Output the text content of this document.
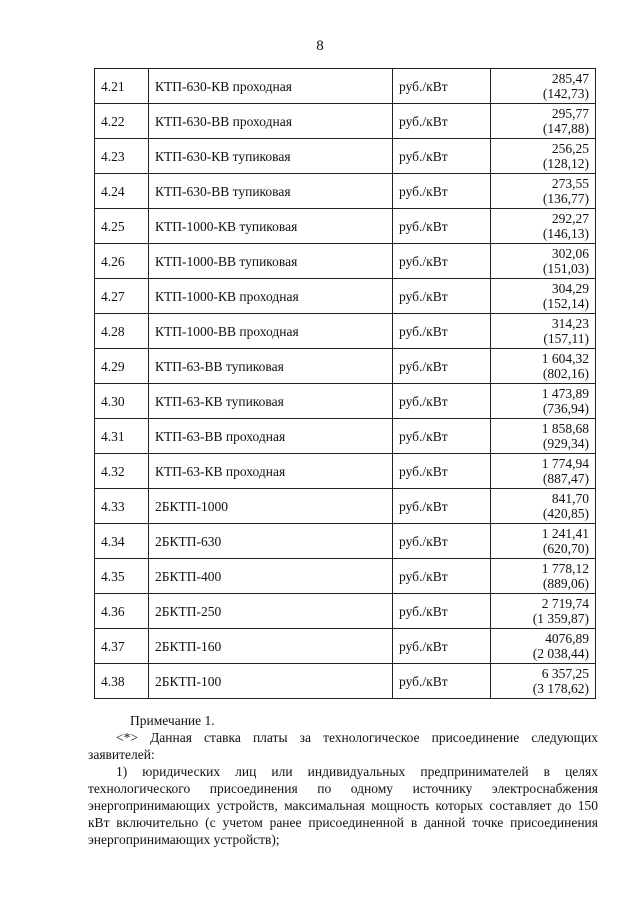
8
4.21	КТП-630-КВ проходная	руб./кВт	285,47
(142,73)

4.22	КТП-630-ВВ проходная	руб./кВт	295,77
(147,88)

4.23	КТП-630-КВ тупиковая	руб./кВт	256,25
(128,12)

4.24	КТП-630-ВВ тупиковая	руб./кВт	273,55
(136,77)

4.25	КТП-1000-КВ тупиковая	руб./кВт	292,27
(146,13)

4.26	КТП-1000-ВВ тупиковая	руб./кВт	302,06
(151,03)

4.27	КТП-1000-КВ проходная	руб./кВт	304,29
(152,14)

4.28	КТП-1000-ВВ проходная	руб./кВт	314,23
(157,11)

4.29	КТП-63-ВВ тупиковая	руб./кВт	1 604,32
(802,16)

4.30	КТП-63-КВ тупиковая	руб./кВт	1 473,89
(736,94)

4.31	КТП-63-ВВ проходная	руб./кВт	1 858,68
(929,34)

4.32	КТП-63-КВ проходная	руб./кВт	1 774,94
(887,47)

4.33	2БКТП-1000	руб./кВт	841,70
(420,85)

4.34	2БКТП-630	руб./кВт	1 241,41
(620,70)

4.35	2БКТП-400	руб./кВт	1 778,12
(889,06)

4.36	2БКТП-250	руб./кВт	2 719,74
(1 359,87)

4.37	2БКТП-160	руб./кВт	4076,89
(2 038,44)

4.38	2БКТП-100	руб./кВт	6 357,25
(3 178,62)

Примечание 1.

<*> Данная ставка платы за технологическое присоединение следующих заявителей:

1) юридических лиц или индивидуальных предпринимателей в целях технологического присоединения по одному источнику электроснабжения энергопринимающих устройств, максимальная мощность которых составляет до 150 кВт включительно (с учетом ранее присоединенной в данной точке присоединения энергопринимающих устройств);
